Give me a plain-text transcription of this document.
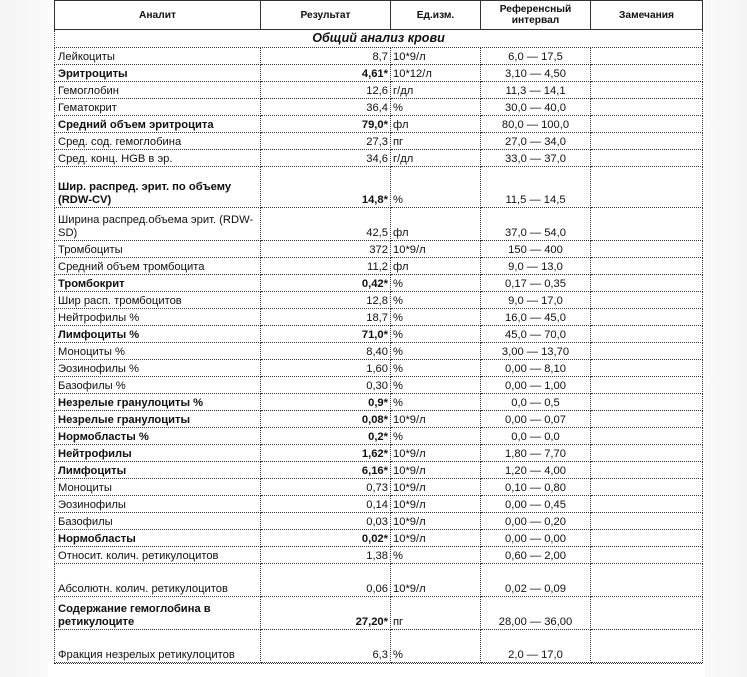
Аналит	Результат	Ед.изм.	Референсный интервал	Замечания
Общий анализ крови				
Лейкоциты	8,7	10*9/л	6,0 — 17,5	
Эритроциты	4,61*	10*12/л	3,10 — 4,50	
Гемоглобин	12,6	г/дл	11,3 — 14,1	
Гематокрит	36,4	%	30,0 — 40,0	
Средний объем эритроцита	79,0*	фл	80,0 — 100,0	
Сред. сод. гемоглобина	27,3	пг	27,0 — 34,0	
Сред. конц. HGB в эр.	34,6	г/дл	33,0 — 37,0	
Шир. распред. эрит. по объему (RDW-CV)	14,8*	%	11,5 — 14,5	
Ширина распред.объема эрит. (RDW-SD)	42,5	фл	37,0 — 54,0	
Тромбоциты	372	10*9/л	150 — 400	
Средний объем тромбоцита	11,2	фл	9,0 — 13,0	
Тромбокрит	0,42*	%	0,17 — 0,35	
Шир расп. тромбоцитов	12,8	%	9,0 — 17,0	
Нейтрофилы %	18,7	%	16,0 — 45,0	
Лимфоциты %	71,0*	%	45,0 — 70,0	
Моноциты %	8,40	%	3,00 — 13,70	
Эозинофилы %	1,60	%	0,00 — 8,10	
Базофилы %	0,30	%	0,00 — 1,00	
Незрелые гранулоциты %	0,9*	%	0,0 — 0,5	
Незрелые гранулоциты	0,08*	10*9/л	0,00 — 0,07	
Нормобласты %	0,2*	%	0,0 — 0,0	
Нейтрофилы	1,62*	10*9/л	1,80 — 7,70	
Лимфоциты	6,16*	10*9/л	1,20 — 4,00	
Моноциты	0,73	10*9/л	0,10 — 0,80	
Эозинофилы	0,14	10*9/л	0,00 — 0,45	
Базофилы	0,03	10*9/л	0,00 — 0,20	
Нормобласты	0,02*	10*9/л	0,00 — 0,00	
Относит. колич. ретикулоцитов	1,38	%	0,60 — 2,00	
Абсолютн. колич. ретикулоцитов	0,06	10*9/л	0,02 — 0,09	
Содержание гемоглобина в ретикулоците	27,20*	пг	28,00 — 36,00	
Фракция незрелых ретикулоцитов	6,3	%	2,0 — 17,0	
